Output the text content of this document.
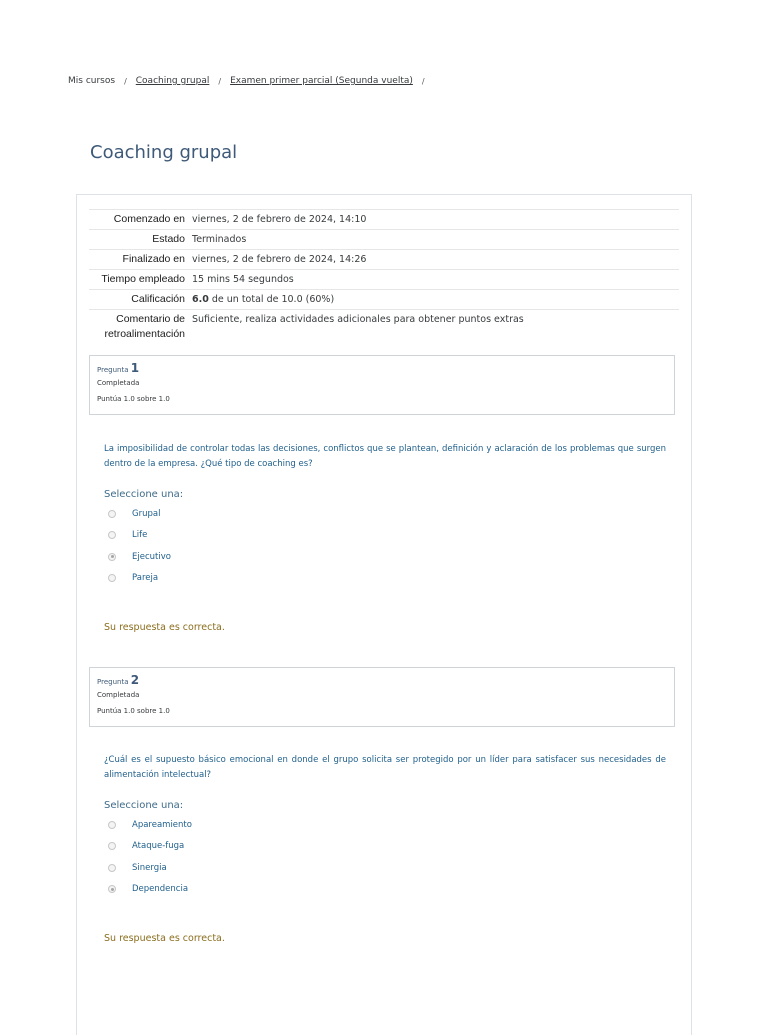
Mis cursos / Coaching grupal / Examen primer parcial (Segunda vuelta) /
Coaching grupal
Comenzado en	viernes, 2 de febrero de 2024, 14:10
Estado	Terminados
Finalizado en	viernes, 2 de febrero de 2024, 14:26
Tiempo empleado	15 mins 54 segundos
Calificación	6.0 de un total de 10.0 (60%)
Comentario de retroalimentación	Suficiente, realiza actividades adicionales para obtener puntos extras
Pregunta 1
Completada
Puntúa 1.0 sobre 1.0
La imposibilidad de controlar todas las decisiones, conflictos que se plantean, definición y aclaración de los problemas que surgen dentro de la empresa. ¿Qué tipo de coaching es?
Seleccione una:
Grupal
Life
Ejecutivo
Pareja
Su respuesta es correcta.
Pregunta 2
Completada
Puntúa 1.0 sobre 1.0
¿Cuál es el supuesto básico emocional en donde el grupo solicita ser protegido por un líder para satisfacer sus necesidades de alimentación intelectual?
Seleccione una:
Apareamiento
Ataque-fuga
Sinergia
Dependencia
Su respuesta es correcta.
